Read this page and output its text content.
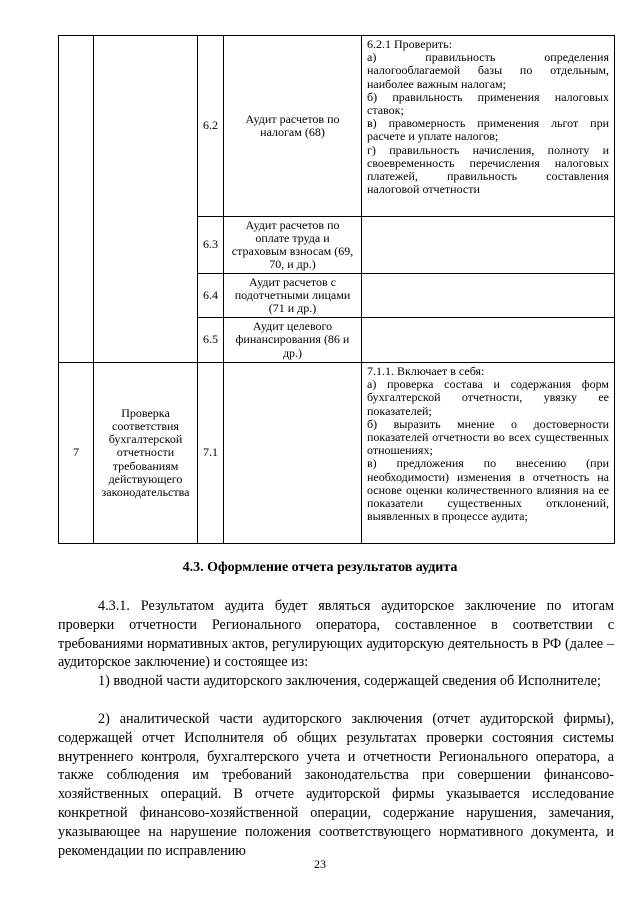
		6.2	Аудит расчетов по налогам (68)	6.2.1 Проверить:
а) правильность определения налогооблагаемой базы по отдельным, наиболее важным налогам;
б) правильность применения налоговых ставок;
в) правомерность применения льгот при расчете и уплате налогов;
г) правильность начисления, полноту и своевременность перечисления налоговых платежей, правильность составления налоговой отчетности

		6.3	Аудит расчетов по оплате труда и страховым взносам (69, 70, и др.)	
		6.4	Аудит расчетов с подотчетными лицами (71 и др.)	
		6.5	Аудит целевого финансирования (86 и др.)	
7	Проверка соответствия бухгалтерской отчетности требованиям действующего законодательства	7.1		7.1.1. Включает в себя:
а) проверка состава и содержания форм бухгалтерской отчетности, увязку ее показателей;
б) выразить мнение о достоверности показателей отчетности во всех существенных отношениях;
в) предложения по внесению (при необходимости) изменения в отчетность на основе оценки количественного влияния на ее показатели существенных отклонений, выявленных в процессе аудита;
4.3. Оформление отчета результатов аудита
4.3.1. Результатом аудита будет являться аудиторское заключение по итогам проверки отчетности Регионального оператора, составленное в соответствии с требованиями нормативных актов, регулирующих аудиторскую деятельность в РФ (далее – аудиторское заключение) и состоящее из:
1) вводной части аудиторского заключения, содержащей сведения об Исполнителе;
2) аналитической части аудиторского заключения (отчет аудиторской фирмы), содержащей отчет Исполнителя об общих результатах проверки состояния системы внутреннего контроля, бухгалтерского учета и отчетности Регионального оператора, а также соблюдения им требований законодательства при совершении финансово-хозяйственных операций. В отчете аудиторской фирмы указывается исследование конкретной финансово-хозяйственной операции, содержание нарушения, замечания, указывающее на нарушение положения соответствующего нормативного документа, и рекомендации по исправлению
23
